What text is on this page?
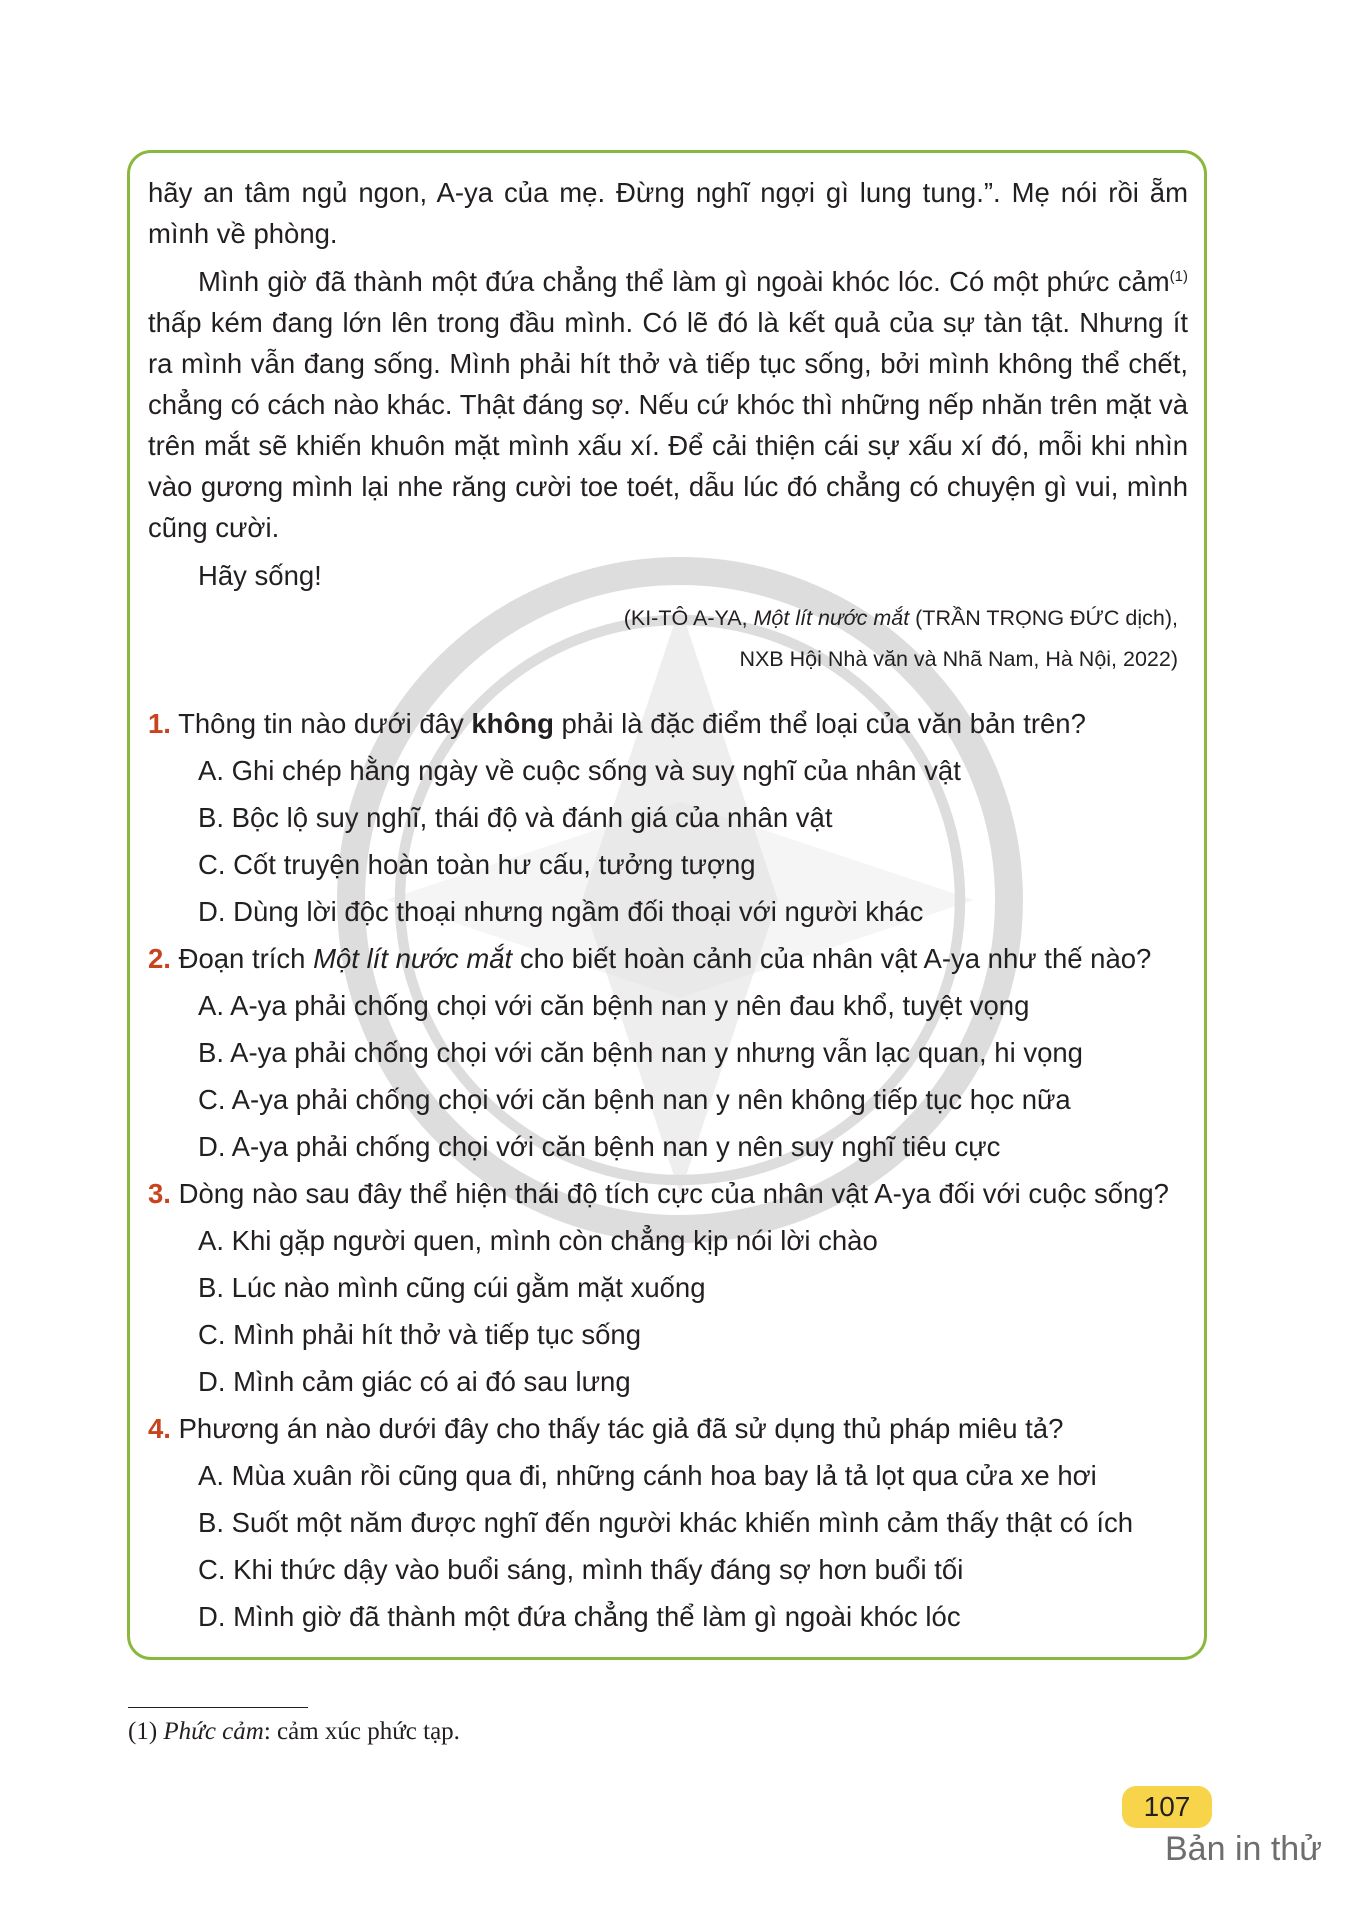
hãy an tâm ngủ ngon, A-ya của mẹ. Đừng nghĩ ngợi gì lung tung.”. Mẹ nói rồi ẵm mình về phòng.

Mình giờ đã thành một đứa chẳng thể làm gì ngoài khóc lóc. Có một phức cảm$^{(1)}$ thấp kém đang lớn lên trong đầu mình. Có lẽ đó là kết quả của sự tàn tật. Nhưng ít ra mình vẫn đang sống. Mình phải hít thở và tiếp tục sống, bởi mình không thể chết, chẳng có cách nào khác. Thật đáng sợ. Nếu cứ khóc thì những nếp nhăn trên mặt và trên mắt sẽ khiến khuôn mặt mình xấu xí. Để cải thiện cái sự xấu xí đó, mỗi khi nhìn vào gương mình lại nhe răng cười toe toét, dẫu lúc đó chẳng có chuyện gì vui, mình cũng cười.

Hãy sống!

(KI-TÔ A-YA, Một lít nước mắt (TRẦN TRỌNG ĐỨC dịch),
NXB Hội Nhà văn và Nhã Nam, Hà Nội, 2022)
1. Thông tin nào dưới đây không phải là đặc điểm thể loại của văn bản trên?
A. Ghi chép hằng ngày về cuộc sống và suy nghĩ của nhân vật
B. Bộc lộ suy nghĩ, thái độ và đánh giá của nhân vật
C. Cốt truyện hoàn toàn hư cấu, tưởng tượng
D. Dùng lời độc thoại nhưng ngầm đối thoại với người khác
2. Đoạn trích Một lít nước mắt cho biết hoàn cảnh của nhân vật A-ya như thế nào?
A. A-ya phải chống chọi với căn bệnh nan y nên đau khổ, tuyệt vọng
B. A-ya phải chống chọi với căn bệnh nan y nhưng vẫn lạc quan, hi vọng
C. A-ya phải chống chọi với căn bệnh nan y nên không tiếp tục học nữa
D. A-ya phải chống chọi với căn bệnh nan y nên suy nghĩ tiêu cực
3. Dòng nào sau đây thể hiện thái độ tích cực của nhân vật A-ya đối với cuộc sống?
A. Khi gặp người quen, mình còn chẳng kịp nói lời chào
B. Lúc nào mình cũng cúi gằm mặt xuống
C. Mình phải hít thở và tiếp tục sống
D. Mình cảm giác có ai đó sau lưng
4. Phương án nào dưới đây cho thấy tác giả đã sử dụng thủ pháp miêu tả?
A. Mùa xuân rồi cũng qua đi, những cánh hoa bay lả tả lọt qua cửa xe hơi
B. Suốt một năm được nghĩ đến người khác khiến mình cảm thấy thật có ích
C. Khi thức dậy vào buổi sáng, mình thấy đáng sợ hơn buổi tối
D. Mình giờ đã thành một đứa chẳng thể làm gì ngoài khóc lóc
(1) Phức cảm: cảm xúc phức tạp.
107
Bản in thử
